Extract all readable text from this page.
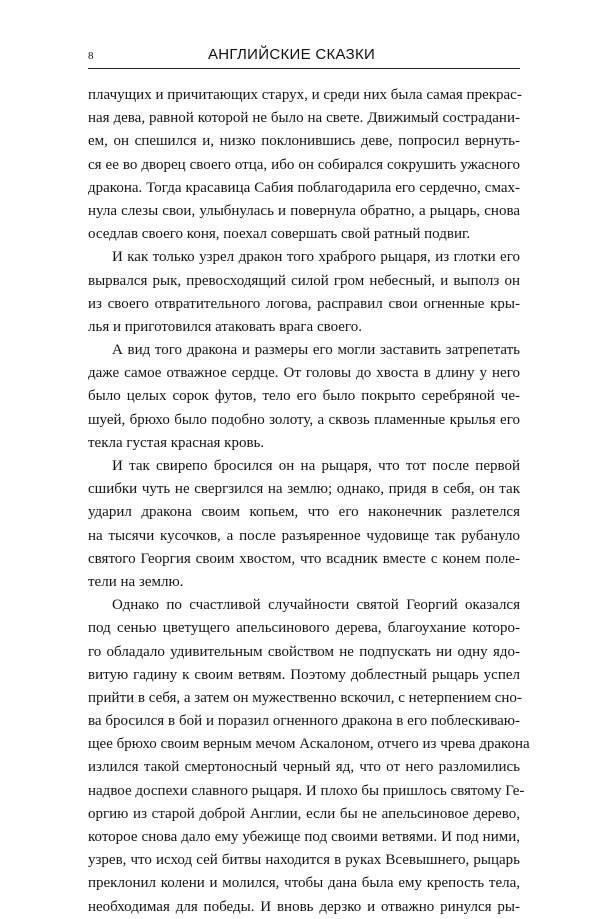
8	АНГЛИЙСКИЕ СКАЗКИ
плачущих и причитающих старух, и среди них была самая прекрас-
ная дева, равной которой не было на свете. Движимый сострадани-
ем, он спешился и, низко поклонившись деве, попросил вернуть-
ся ее во дворец своего отца, ибо он собирался сокрушить ужасного
дракона. Тогда красавица Сабия поблагодарила его сердечно, смах-
нула слезы свои, улыбнулась и повернула обратно, а рыцарь, снова
оседлав своего коня, поехал совершать свой ратный подвиг.
И как только узрел дракон того храброго рыцаря, из глотки его
вырвался рык, превосходящий силой гром небесный, и выполз он
из своего отвратительного логова, расправил свои огненные кры-
лья и приготовился атаковать врага своего.
А вид того дракона и размеры его могли заставить затрепетать
даже самое отважное сердце. От головы до хвоста в длину у него
было целых сорок футов, тело его было покрыто серебряной че-
шуей, брюхо было подобно золоту, а сквозь пламенные крылья его
текла густая красная кровь.
И так свирепо бросился он на рыцаря, что тот после первой
сшибки чуть не свергзился на землю; однако, придя в себя, он так
ударил дракона своим копьем, что его наконечник разлетелся
на тысячи кусочков, а после разъяренное чудовище так рубануло
святого Георгия своим хвостом, что всадник вместе с конем поле-
тели на землю.
Однако по счастливой случайности святой Георгий оказался
под сенью цветущего апельсинового дерева, благоухание которо-
го обладало удивительным свойством не подпускать ни одну ядо-
витую гадину к своим ветвям. Поэтому доблестный рыцарь успел
прийти в себя, а затем он мужественно вскочил, с нетерпением сно-
ва бросился в бой и поразил огненного дракона в его поблескиваю-
щее брюхо своим верным мечом Аскалоном, отчего из чрева дракона
излился такой смертоносный черный яд, что от него разломились
надвое доспехи славного рыцаря. И плохо бы пришлось святому Ге-
оргию из старой доброй Англии, если бы не апельсиновое дерево,
которое снова дало ему убежище под своими ветвями. И под ними,
узрев, что исход сей битвы находится в руках Всевышнего, рыцарь
преклонил колени и молился, чтобы дана была ему крепость тела,
необходимая для победы. И вновь дерзко и отважно ринулся ры-
